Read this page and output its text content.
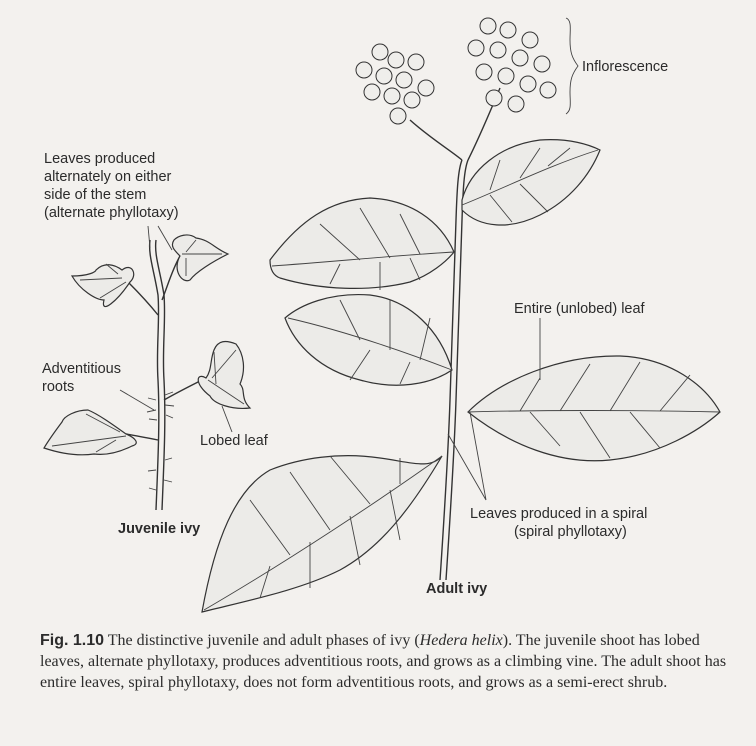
Inflorescence
Leaves produced
alternately on either
side of the stem
(alternate phyllotaxy)
Adventitious
roots
Lobed leaf
Juvenile ivy
Entire (unlobed) leaf
Leaves produced in a spiral
(spiral phyllotaxy)
Adult ivy
Fig. 1.10 The distinctive juvenile and adult phases of ivy (Hedera helix). The juvenile shoot has lobed leaves, alternate phyllotaxy, produces adventitious roots, and grows as a climbing vine. The adult shoot has entire leaves, spiral phyllotaxy, does not form adventitious roots, and grows as a semi-erect shrub.
